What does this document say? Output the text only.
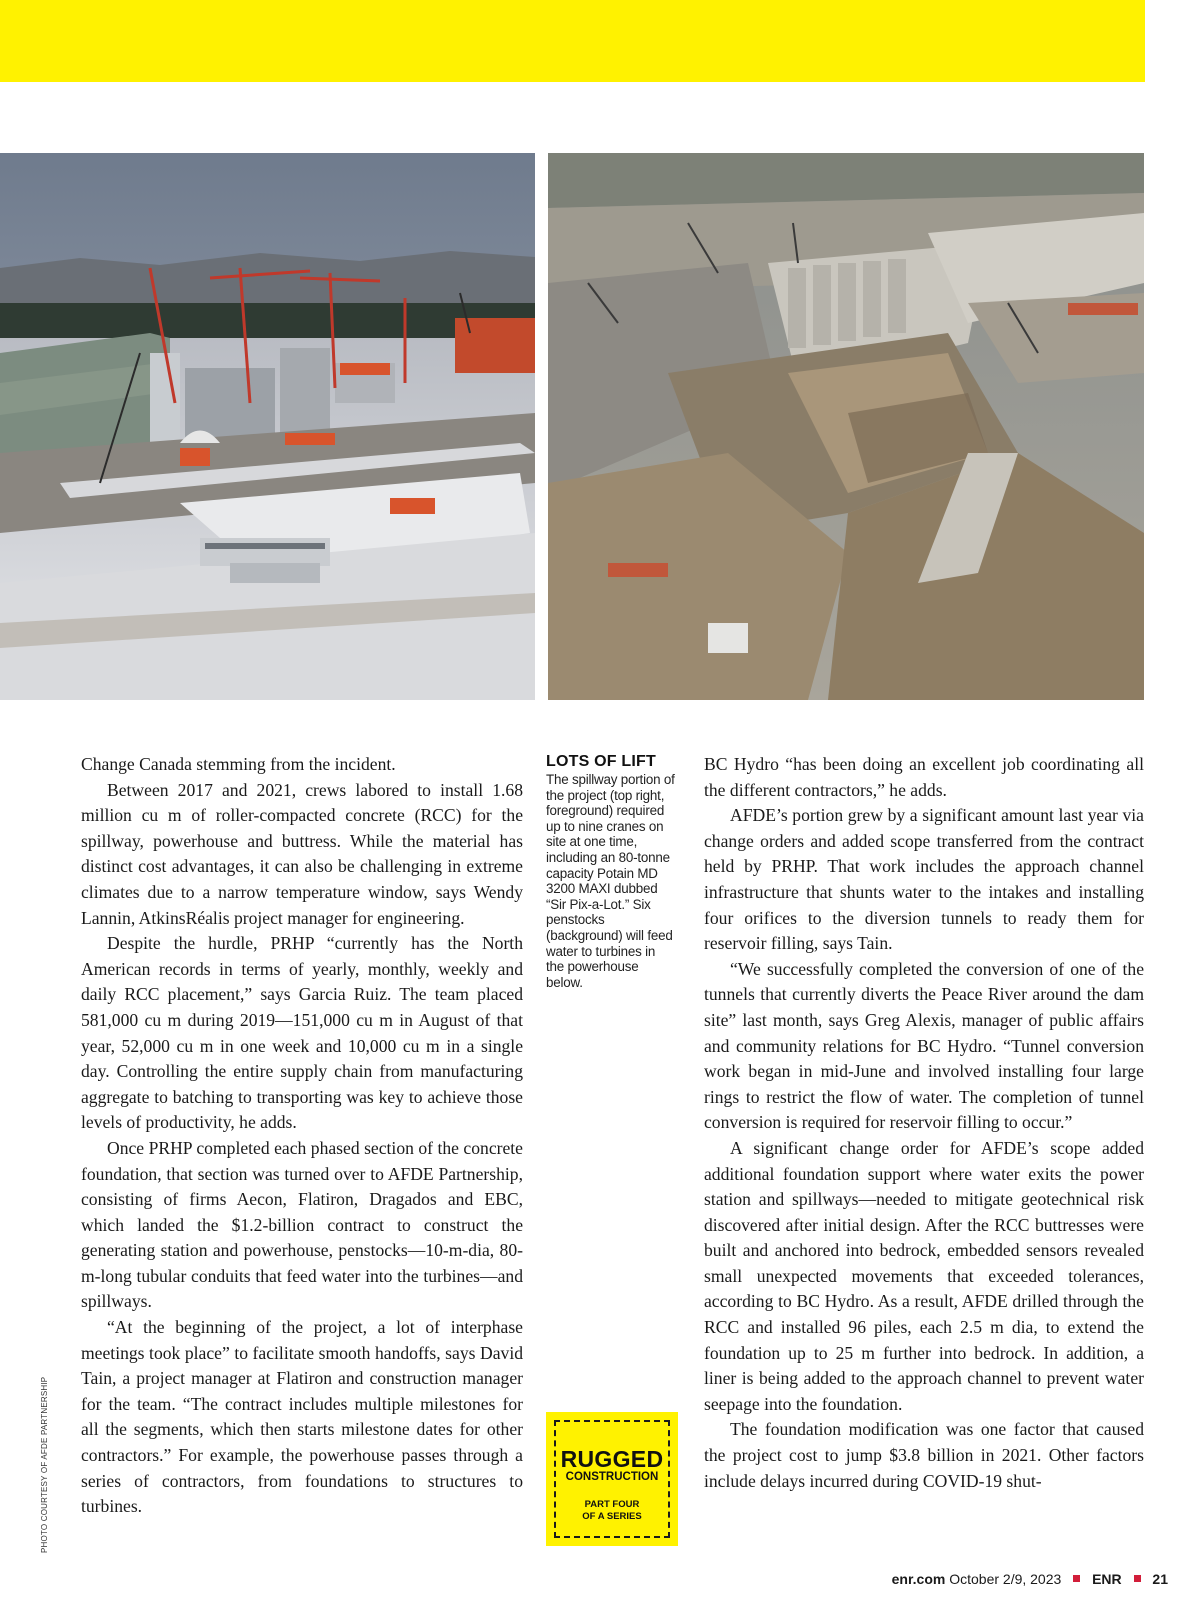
PHOTO COURTESY OF AFDE PARTNERSHIP

Change Canada stemming from the incident.

Between 2017 and 2021, crews labored to install 1.68 million cu m of roller-compacted concrete (RCC) for the spillway, powerhouse and buttress. While the material has distinct cost advantages, it can also be challenging in extreme climates due to a narrow temperature window, says Wendy Lannin, AtkinsRéalis project manager for engineering.

Despite the hurdle, PRHP “currently has the North American records in terms of yearly, monthly, weekly and daily RCC placement,” says Garcia Ruiz. The team placed 581,000 cu m during 2019—151,000 cu m in August of that year, 52,000 cu m in one week and 10,000 cu m in a single day. Controlling the entire supply chain from manufacturing aggregate to batching to transporting was key to achieve those levels of productivity, he adds.

Once PRHP completed each phased section of the concrete foundation, that section was turned over to AFDE Partnership, consisting of firms Aecon, Flatiron, Dragados and EBC, which landed the $1.2-billion contract to construct the generating station and powerhouse, penstocks—10-m-dia, 80-m-long tubular conduits that feed water into the turbines—and spillways.

“At the beginning of the project, a lot of interphase meetings took place” to facilitate smooth handoffs, says David Tain, a project manager at Flatiron and construction manager for the team. “The contract includes multiple milestones for all the segments, which then starts milestone dates for other contractors.” For example, the powerhouse passes through a series of contractors, from foundations to structures to turbines.

LOTS OF LIFT
The spillway portion of the project (top right, foreground) required up to nine cranes on site at one time, including an 80-tonne capacity Potain MD 3200 MAXI dubbed “Sir Pix-a-Lot.” Six penstocks (background) will feed water to turbines in the powerhouse below.
RUGGED
CONSTRUCTION
PART FOUR
OF A SERIES

BC Hydro “has been doing an excellent job coordinating all the different contractors,” he adds.

AFDE’s portion grew by a significant amount last year via change orders and added scope transferred from the contract held by PRHP. That work includes the approach channel infrastructure that shunts water to the intakes and installing four orifices to the diversion tunnels to ready them for reservoir filling, says Tain.

“We successfully completed the conversion of one of the tunnels that currently diverts the Peace River around the dam site” last month, says Greg Alexis, manager of public affairs and community relations for BC Hydro. “Tunnel conversion work began in mid-June and involved installing four large rings to restrict the flow of water. The completion of tunnel conversion is required for reservoir filling to occur.”

A significant change order for AFDE’s scope added additional foundation support where water exits the power station and spillways—needed to mitigate geotechnical risk discovered after initial design. After the RCC buttresses were built and anchored into bedrock, embedded sensors revealed small unexpected movements that exceeded tolerances, according to BC Hydro. As a result, AFDE drilled through the RCC and installed 96 piles, each 2.5 m dia, to extend the foundation up to 25 m further into bedrock. In addition, a liner is being added to the approach channel to prevent water seepage into the foundation.

The foundation modification was one factor that caused the project cost to jump $3.8 billion in 2021. Other factors include delays incurred during COVID-19 shut-

enr.com October 2/9, 2023 ENR 21
